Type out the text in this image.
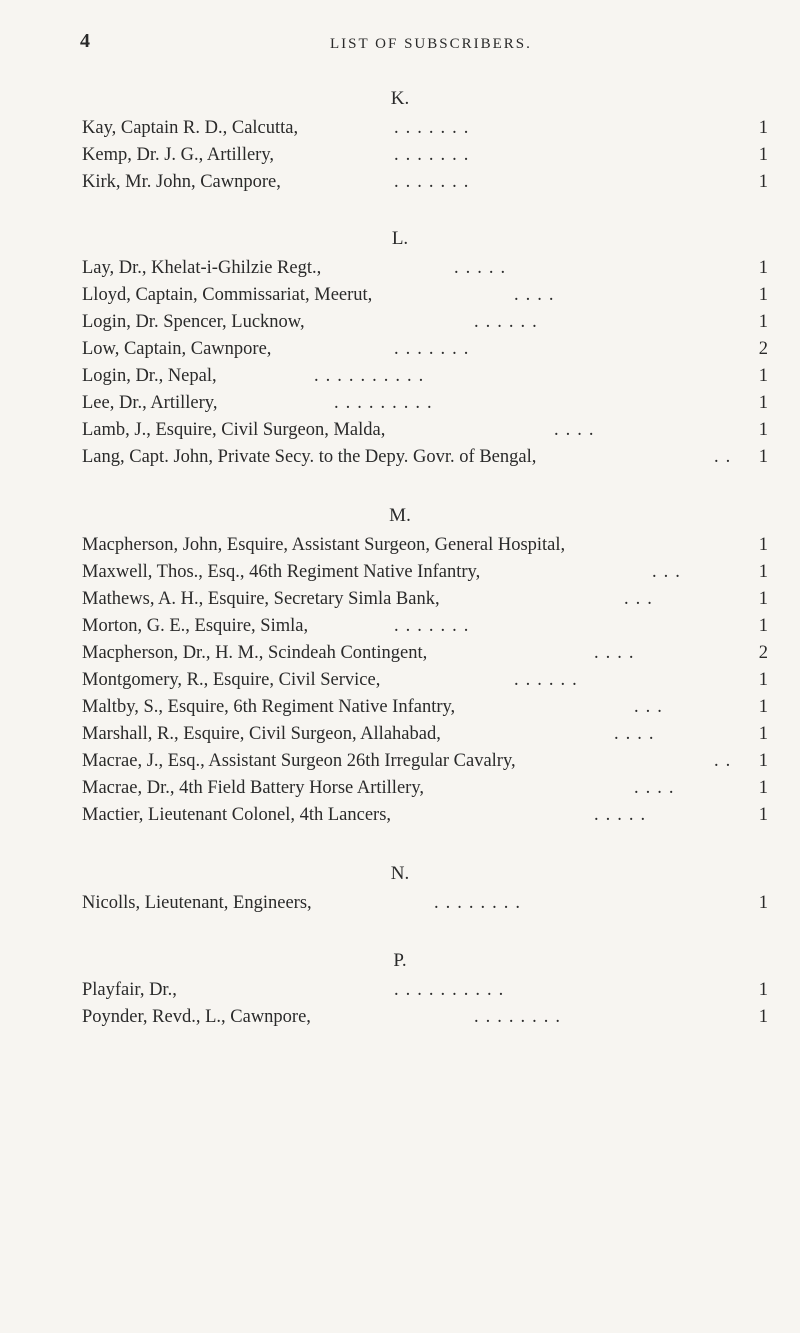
4	LIST OF SUBSCRIBERS.
K.
Kay, Captain R. D., Calcutta,	.......	1
Kemp, Dr. J. G., Artillery,	.......	1
Kirk, Mr. John, Cawnpore,	.......	1
L.
Lay, Dr., Khelat-i-Ghilzie Regt.,	.....	1
Lloyd, Captain, Commissariat, Meerut,	....	1
Login, Dr. Spencer, Lucknow,	......	1
Low, Captain, Cawnpore,	.......	2
Login, Dr., Nepal,	..........	1
Lee, Dr., Artillery,	.........	1
Lamb, J., Esquire, Civil Surgeon, Malda,	....	1
Lang, Capt. John, Private Secy. to the Depy. Govr. of Bengal,	.. 1
M.
Macpherson, John, Esquire, Assistant Surgeon, General Hospital,	1
Maxwell, Thos., Esq., 46th Regiment Native Infantry,	...	1
Mathews, A. H., Esquire, Secretary Simla Bank,	...	1
Morton, G. E., Esquire, Simla,	.......	1
Macpherson, Dr., H. M., Scindeah Contingent,	....	2
Montgomery, R., Esquire, Civil Service,	......	1
Maltby, S., Esquire, 6th Regiment Native Infantry,	...	1
Marshall, R., Esquire, Civil Surgeon, Allahabad,	....	1
Macrae, J., Esq., Assistant Surgeon 26th Irregular Cavalry,	.. 1
Macrae, Dr., 4th Field Battery Horse Artillery,	....	1
Mactier, Lieutenant Colonel, 4th Lancers,	.....	1
N.
Nicolls, Lieutenant, Engineers,	........	1
P.
Playfair, Dr.,	..........	1
Poynder, Revd., L., Cawnpore,	........	1
